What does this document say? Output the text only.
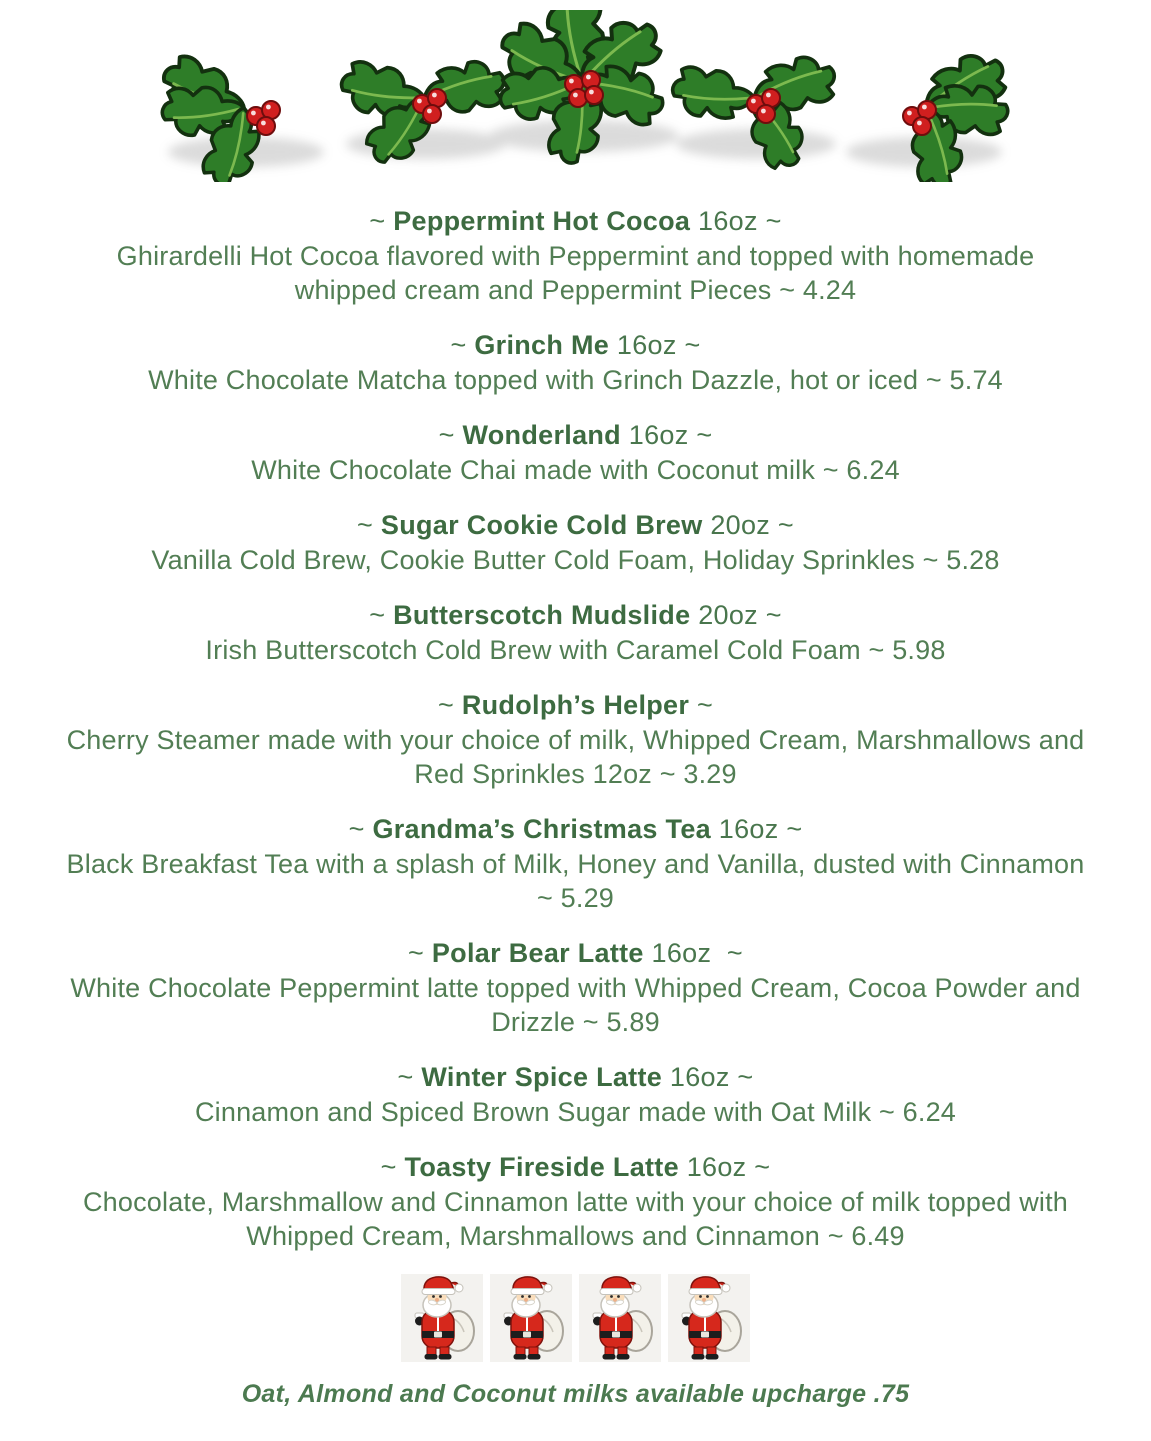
~ Peppermint Hot Cocoa 16oz ~

Ghirardelli Hot Cocoa flavored with Peppermint and topped with homemade whipped cream and Peppermint Pieces ~ 4.24

~ Grinch Me 16oz ~

White Chocolate Matcha topped with Grinch Dazzle, hot or iced ~ 5.74

~ Wonderland 16oz ~

White Chocolate Chai made with Coconut milk ~ 6.24

~ Sugar Cookie Cold Brew 20oz ~

Vanilla Cold Brew, Cookie Butter Cold Foam, Holiday Sprinkles ~ 5.28

~ Butterscotch Mudslide 20oz ~

Irish Butterscotch Cold Brew with Caramel Cold Foam ~ 5.98

~ Rudolph’s Helper ~

Cherry Steamer made with your choice of milk, Whipped Cream, Marshmallows and Red Sprinkles 12oz ~ 3.29

~ Grandma’s Christmas Tea 16oz ~

Black Breakfast Tea with a splash of Milk, Honey and Vanilla, dusted with Cinnamon ~ 5.29

~ Polar Bear Latte 16oz  ~

White Chocolate Peppermint latte topped with Whipped Cream, Cocoa Powder and Drizzle ~ 5.89

~ Winter Spice Latte 16oz ~

Cinnamon and Spiced Brown Sugar made with Oat Milk ~ 6.24

~ Toasty Fireside Latte 16oz ~

Chocolate, Marshmallow and Cinnamon latte with your choice of milk topped with Whipped Cream, Marshmallows and Cinnamon ~ 6.49

Oat, Almond and Coconut milks available upcharge .75
